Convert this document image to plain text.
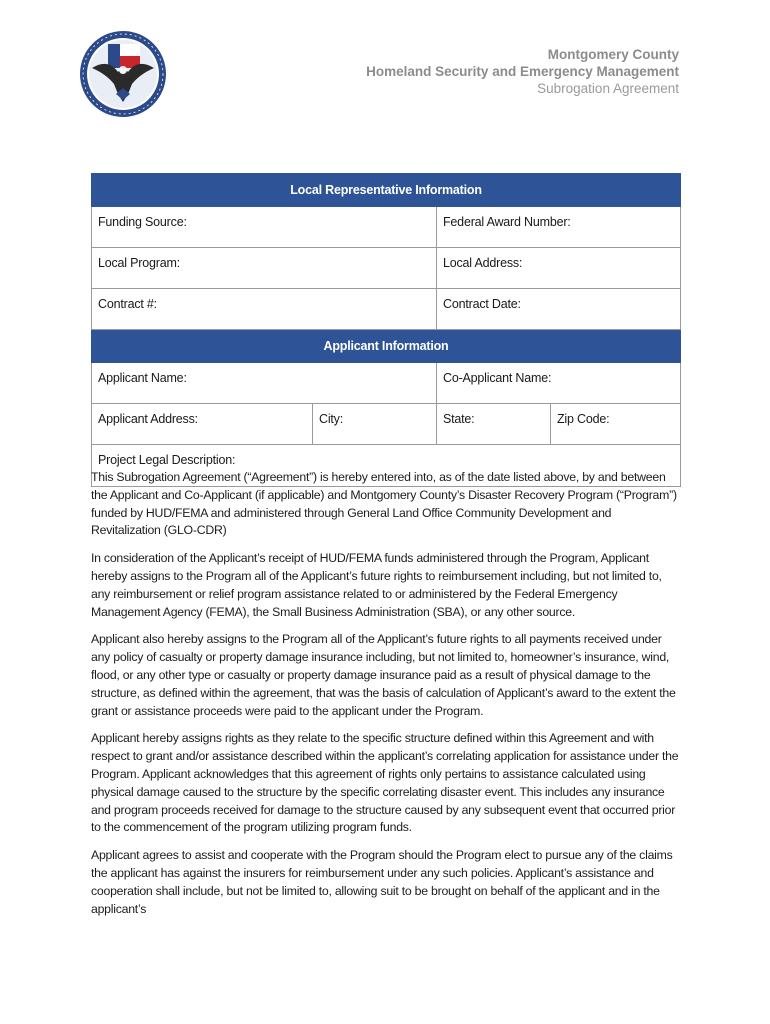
Montgomery County
Homeland Security and Emergency Management
Subrogation Agreement
Local Representative Information			
Funding Source:		Federal Award Number:	
Local Program:		Local Address:	
Contract #:		Contract Date:	
Applicant Information			
Applicant Name:		Co-Applicant Name:	
Applicant Address:	City:	State:	Zip Code:
Project Legal Description:			

This Subrogation Agreement (“Agreement”) is hereby entered into, as of the date listed above, by and between the Applicant and Co-Applicant (if applicable) and Montgomery County’s Disaster Recovery Program (“Program”) funded by HUD/FEMA and administered through General Land Office Community Development and Revitalization (GLO-CDR)

In consideration of the Applicant’s receipt of HUD/FEMA funds administered through the Program, Applicant hereby assigns to the Program all of the Applicant’s future rights to reimbursement including, but not limited to, any reimbursement or relief program assistance related to or administered by the Federal Emergency Management Agency (FEMA), the Small Business Administration (SBA), or any other source.

Applicant also hereby assigns to the Program all of the Applicant’s future rights to all payments received under any policy of casualty or property damage insurance including, but not limited to, homeowner’s insurance, wind, flood, or any other type or casualty or property damage insurance paid as a result of physical damage to the structure, as defined within the agreement, that was the basis of calculation of Applicant’s award to the extent the grant or assistance proceeds were paid to the applicant under the Program.

Applicant hereby assigns rights as they relate to the specific structure defined within this Agreement and with respect to grant and/or assistance described within the applicant’s correlating application for assistance under the Program. Applicant acknowledges that this agreement of rights only pertains to assistance calculated using physical damage caused to the structure by the specific correlating disaster event. This includes any insurance and program proceeds received for damage to the structure caused by any subsequent event that occurred prior to the commencement of the program utilizing program funds.

Applicant agrees to assist and cooperate with the Program should the Program elect to pursue any of the claims the applicant has against the insurers for reimbursement under any such policies. Applicant’s assistance and cooperation shall include, but not be limited to, allowing suit to be brought on behalf of the applicant and in the applicant’s
